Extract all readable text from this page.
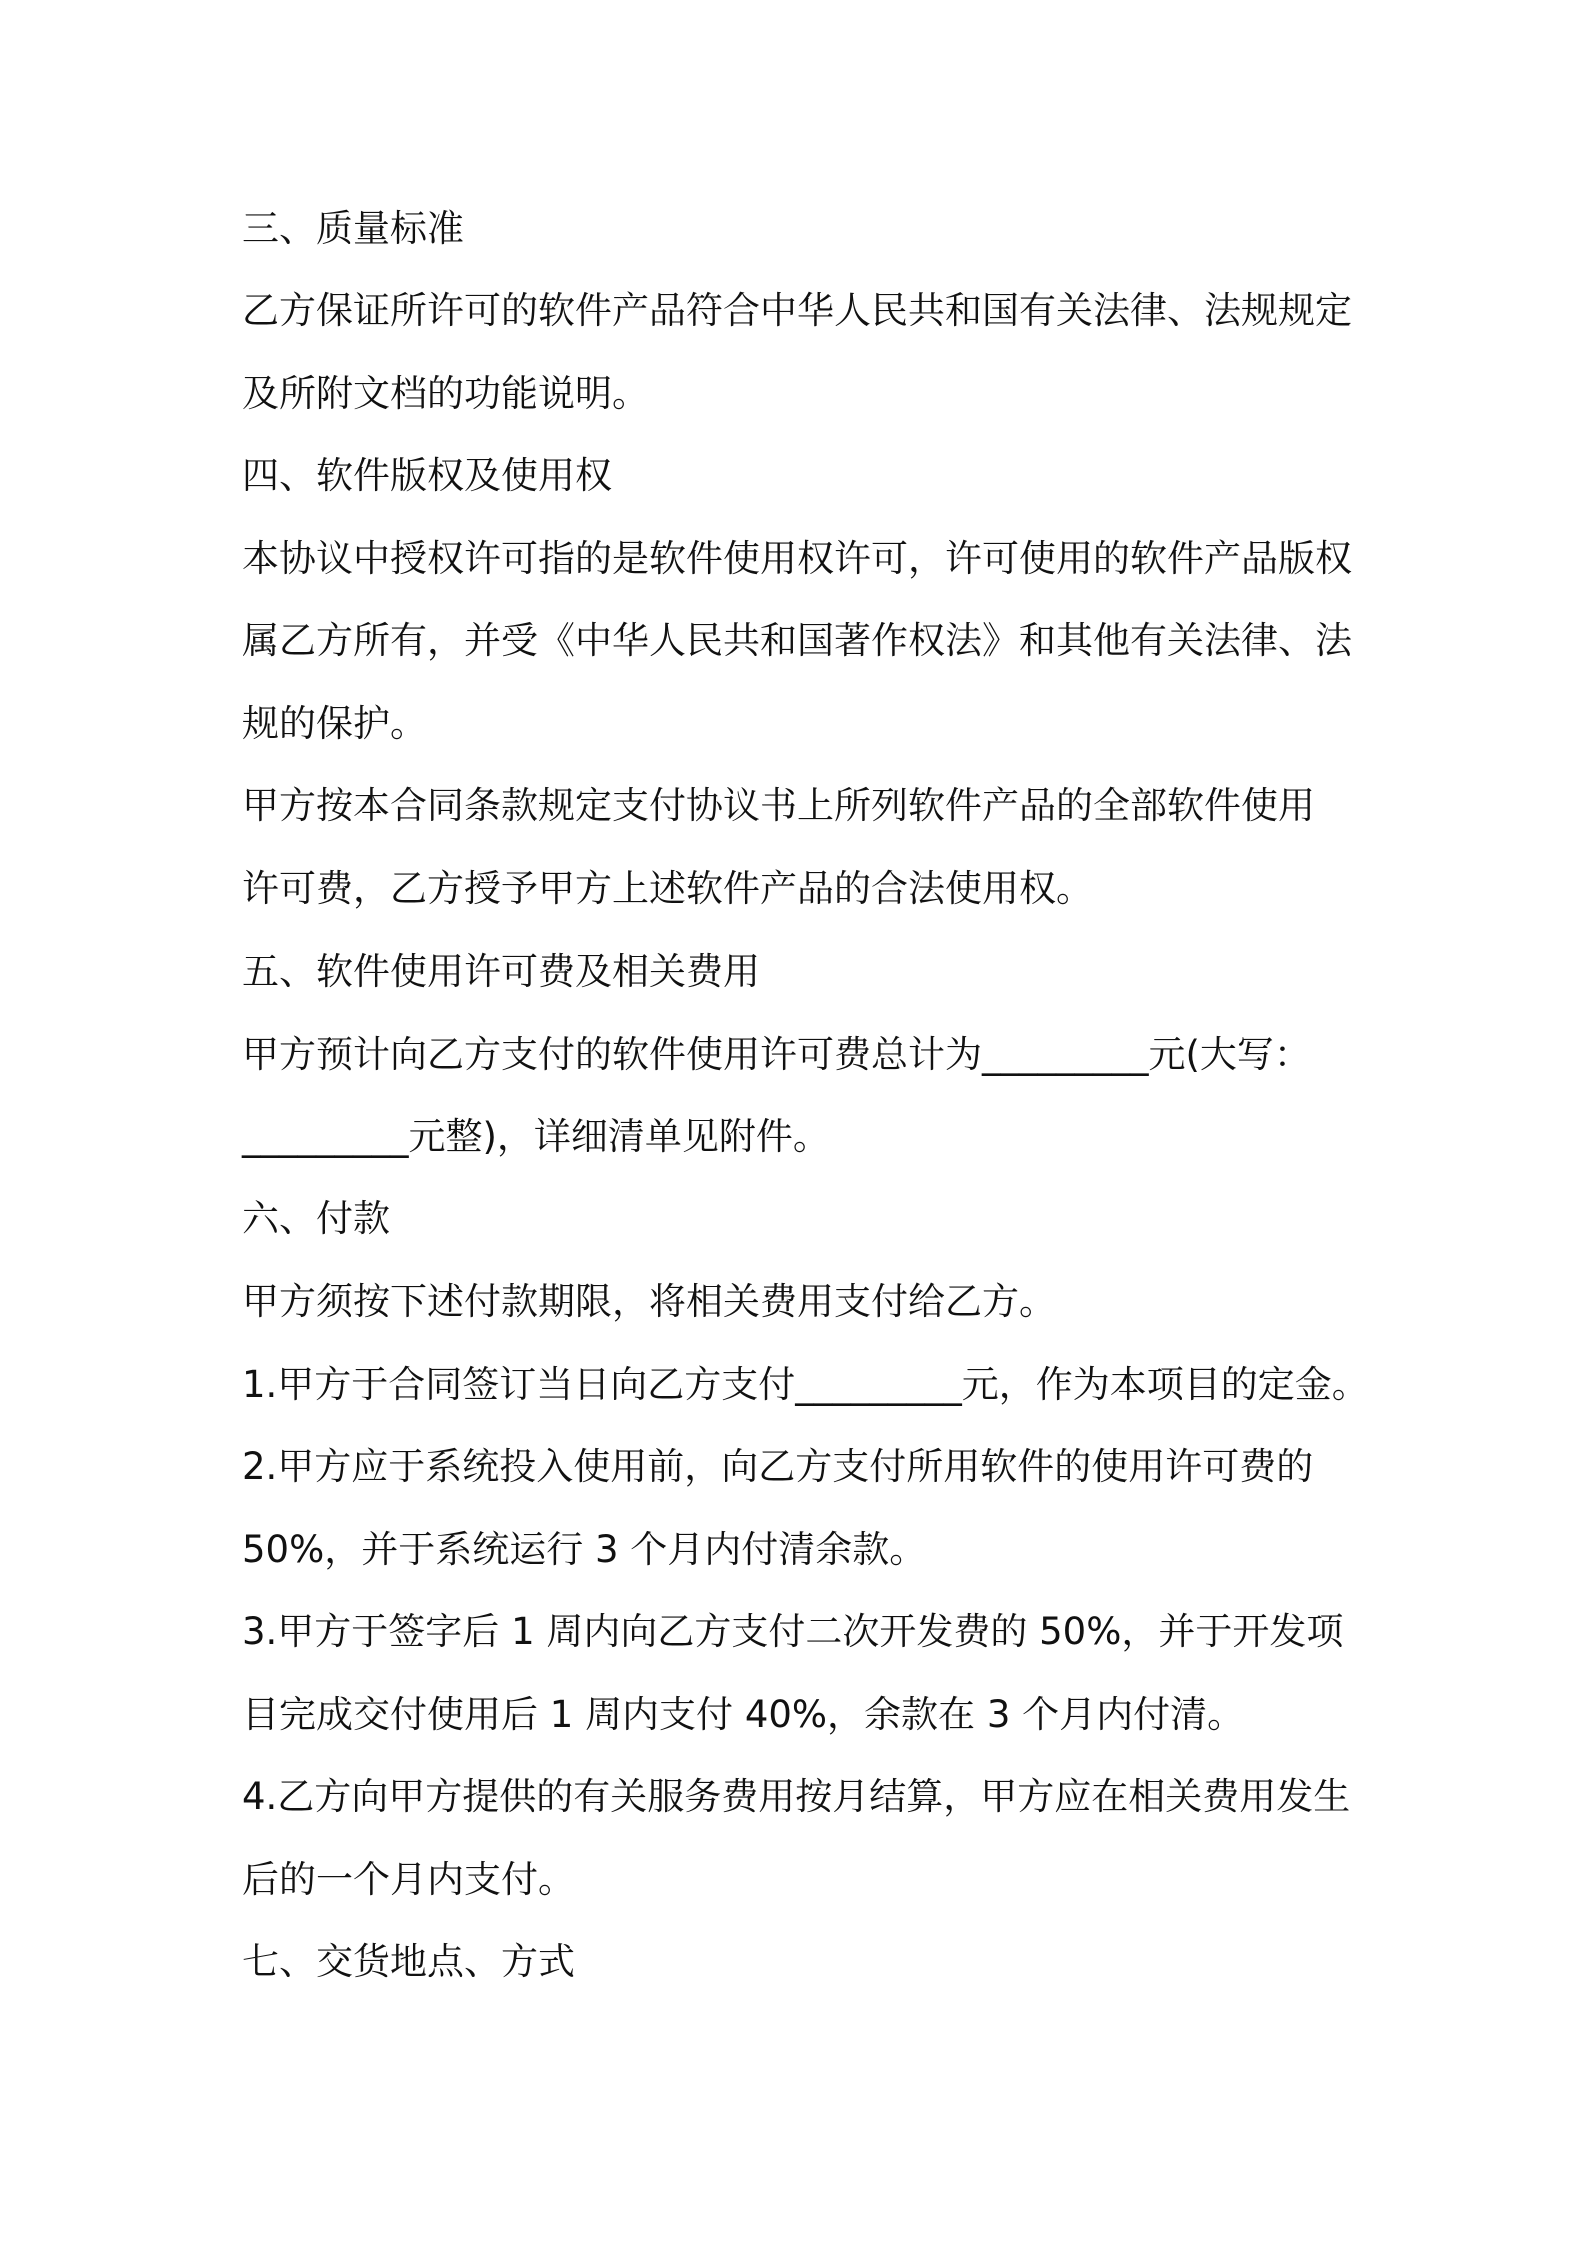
三、质量标准
乙方保证所许可的软件产品符合中华人民共和国有关法律、法规规定
及所附文档的功能说明。
四、软件版权及使用权
本协议中授权许可指的是软件使用权许可，许可使用的软件产品版权
属乙方所有，并受《中华人民共和国著作权法》和其他有关法律、法
规的保护。
甲方按本合同条款规定支付协议书上所列软件产品的全部软件使用
许可费，乙方授予甲方上述软件产品的合法使用权。
五、软件使用许可费及相关费用
甲方预计向乙方支付的软件使用许可费总计为_________元(大写：
_________元整)，详细清单见附件。
六、付款
甲方须按下述付款期限，将相关费用支付给乙方。
1.甲方于合同签订当日向乙方支付_________元，作为本项目的定金。
2.甲方应于系统投入使用前，向乙方支付所用软件的使用许可费的
50%，并于系统运行 3 个月内付清余款。
3.甲方于签字后 1 周内向乙方支付二次开发费的 50%，并于开发项
目完成交付使用后 1 周内支付 40%，余款在 3 个月内付清。
4.乙方向甲方提供的有关服务费用按月结算，甲方应在相关费用发生
后的一个月内支付。
七、交货地点、方式
